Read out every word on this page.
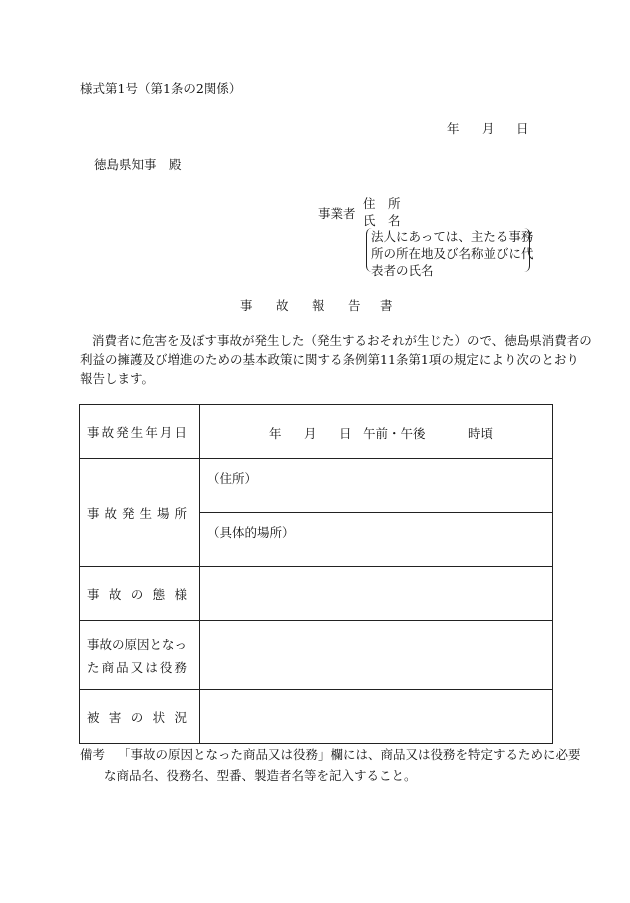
様式第1号（第1条の2関係）
年 月 日
徳島県知事　殿
事業者
住　所
氏　名
法人にあっては、主たる事務
所の所在地及び名称並びに代
表者の氏名
事 故 報 告 書
消費者に危害を及ぼす事故が発生した（発生するおそれが生じた）ので、徳島県消費者の
利益の擁護及び増進のための基本政策に関する条例第11条第1項の規定により次のとおり
報告します。
事故発生年月日	年 月 日 午前・午後 時頃

事故発生場所	（住所）

	（具体的場所）

事故の態様	

事故の原因となっ
た商品又は役務	

被害の状況	

備考 「事故の原因となった商品又は役務」欄には、商品又は役務を特定するために必要
な商品名、役務名、型番、製造者名等を記入すること。
